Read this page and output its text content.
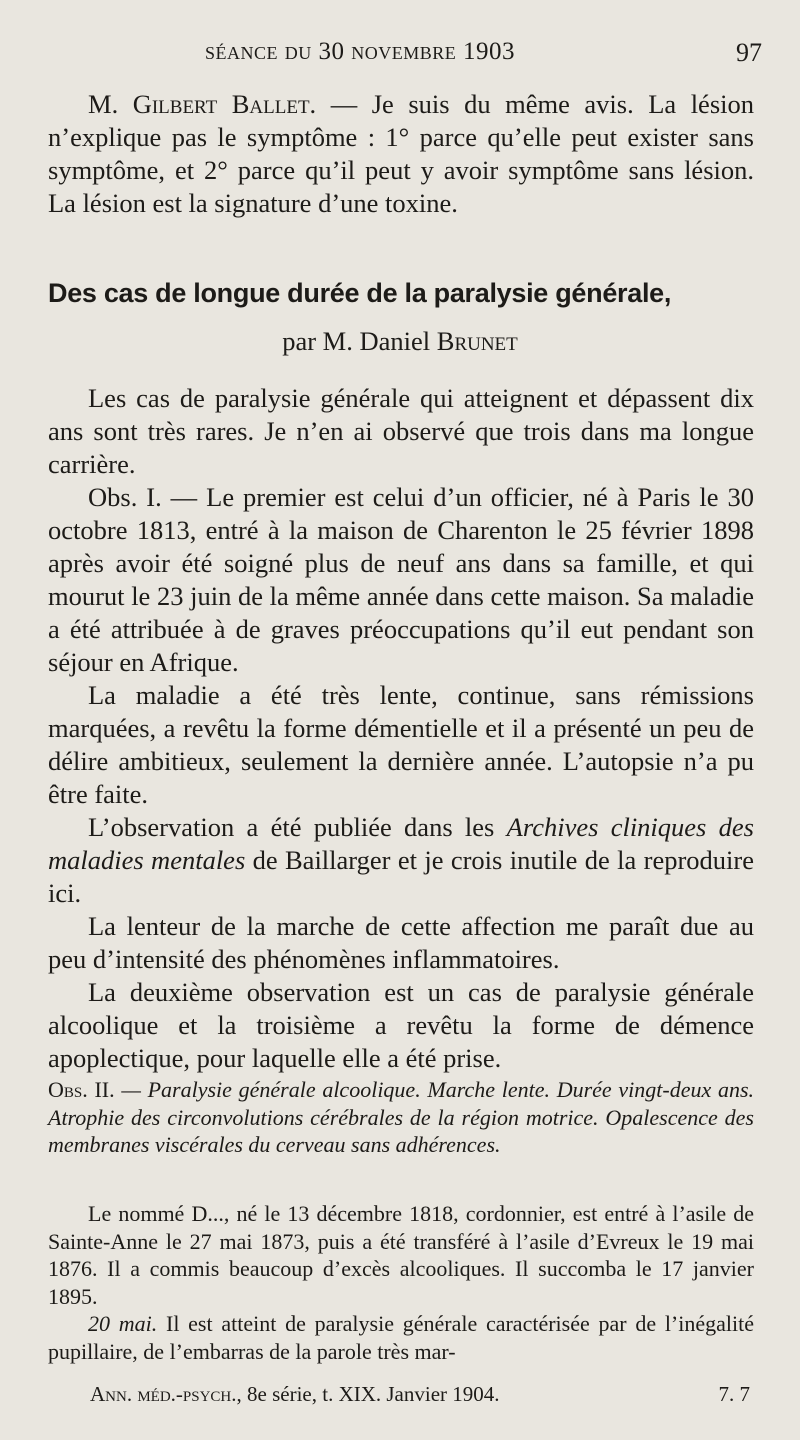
séance du 30 novembre 1903	97

M. Gilbert Ballet. — Je suis du même avis. La lésion n’explique pas le symptôme : 1° parce qu’elle peut exister sans symptôme, et 2° parce qu’il peut y avoir symptôme sans lésion. La lésion est la signature d’une toxine.

Des cas de longue durée de la paralysie générale,
par M. Daniel Brunet

Les cas de paralysie générale qui atteignent et dépassent dix ans sont très rares. Je n’en ai observé que trois dans ma longue carrière.

Obs. I. — Le premier est celui d’un officier, né à Paris le 30 octobre 1813, entré à la maison de Charenton le 25 février 1898 après avoir été soigné plus de neuf ans dans sa famille, et qui mourut le 23 juin de la même année dans cette maison. Sa maladie a été attribuée à de graves préoccupations qu’il eut pendant son séjour en Afrique.

La maladie a été très lente, continue, sans rémissions marquées, a revêtu la forme démentielle et il a présenté un peu de délire ambitieux, seulement la dernière année. L’autopsie n’a pu être faite.

L’observation a été publiée dans les Archives cliniques des maladies mentales de Baillarger et je crois inutile de la reproduire ici.

La lenteur de la marche de cette affection me paraît due au peu d’intensité des phénomènes inflammatoires.

La deuxième observation est un cas de paralysie générale alcoolique et la troisième a revêtu la forme de démence apoplectique, pour laquelle elle a été prise.

Obs. II. — Paralysie générale alcoolique. Marche lente. Durée vingt-deux ans. Atrophie des circonvolutions cérébrales de la région motrice. Opalescence des membranes viscérales du cerveau sans adhérences.

Le nommé D..., né le 13 décembre 1818, cordonnier, est entré à l’asile de Sainte-Anne le 27 mai 1873, puis a été transféré à l’asile d’Evreux le 19 mai 1876. Il a commis beaucoup d’excès alcooliques. Il succomba le 17 janvier 1895.

20 mai. Il est atteint de paralysie générale caractérisée par de l’inégalité pupillaire, de l’embarras de la parole très mar-

Ann. méd.-psych., 8e série, t. XIX. Janvier 1904.	7. 7
